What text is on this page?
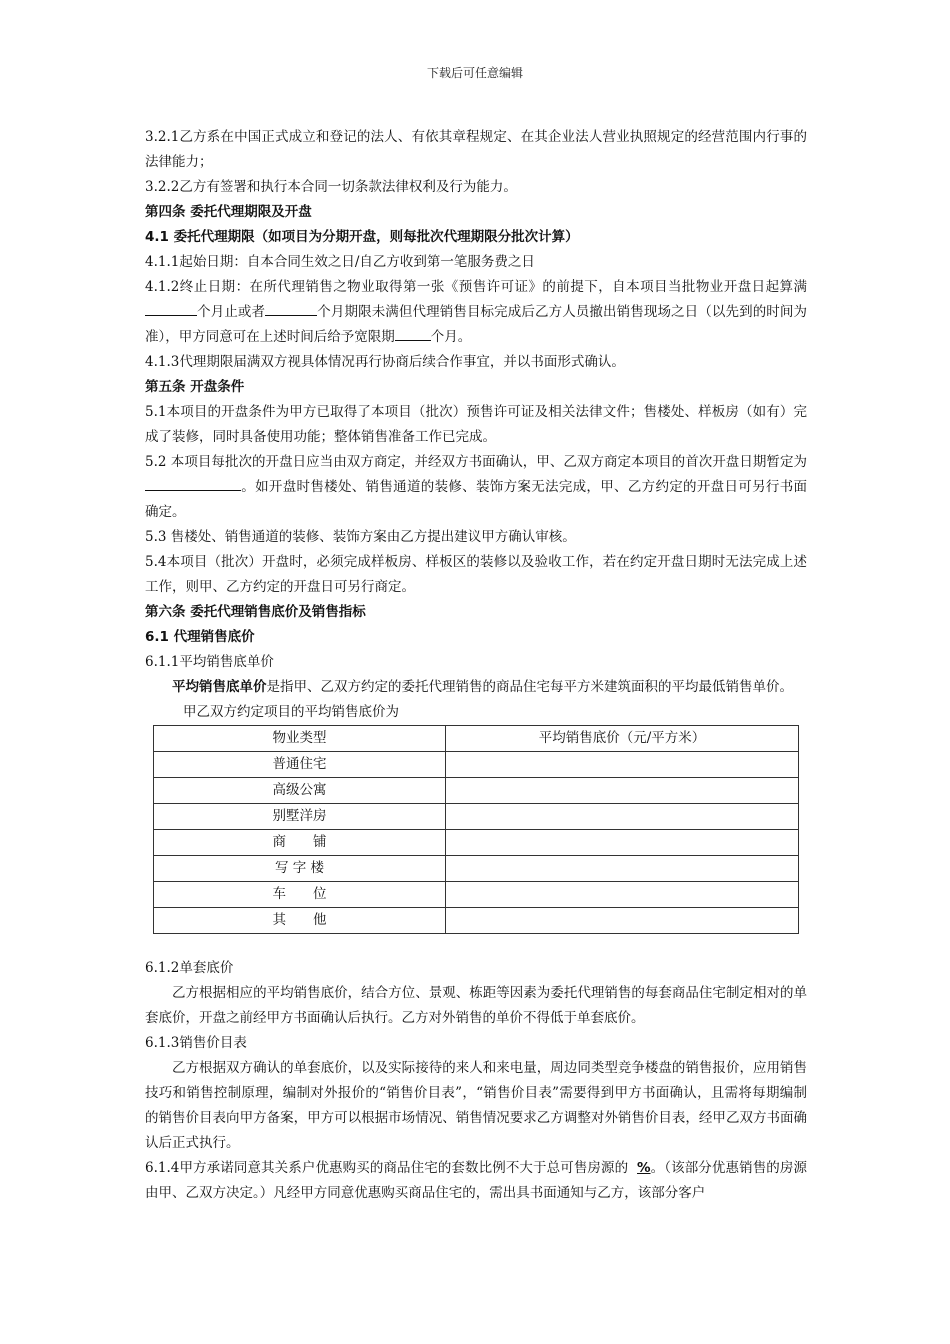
下载后可任意编辑

3.2.1乙方系在中国正式成立和登记的法人、有依其章程规定、在其企业法人营业执照规定的经营范围内行事的法律能力；

3.2.2乙方有签署和执行本合同一切条款法律权利及行为能力。

第四条 委托代理期限及开盘

4.1 委托代理期限（如项目为分期开盘，则每批次代理期限分批次计算）

4.1.1起始日期：自本合同生效之日/自乙方收到第一笔服务费之日

4.1.2终止日期：在所代理销售之物业取得第一张《预售许可证》的前提下，自本项目当批物业开盘日起算满个月止或者	个月期限未满但代理销售目标完成后乙方人员撤出销售现场之日（以先到的时间为准），甲方同意可在上述时间后给予宽限期	个月。

4.1.3代理期限届满双方视具体情况再行协商后续合作事宜，并以书面形式确认。

第五条 开盘条件

5.1本项目的开盘条件为甲方已取得了本项目（批次）预售许可证及相关法律文件；售楼处、样板房（如有）完成了装修，同时具备使用功能；整体销售准备工作已完成。

5.2 本项目每批次的开盘日应当由双方商定，并经双方书面确认，甲、乙双方商定本项目的首次开盘日期暂定为。如开盘时售楼处、销售通道的装修、装饰方案无法完成，甲、乙方约定的开盘日可另行书面确定。

5.3 售楼处、销售通道的装修、装饰方案由乙方提出建议甲方确认审核。

5.4本项目（批次）开盘时，必须完成样板房、样板区的装修以及验收工作，若在约定开盘日期时无法完成上述工作，则甲、乙方约定的开盘日可另行商定。

第六条 委托代理销售底价及销售指标

6.1 代理销售底价

6.1.1平均销售底单价

平均销售底单价是指甲、乙双方约定的委托代理销售的商品住宅每平方米建筑面积的平均最低销售单价。

甲乙双方约定项目的平均销售底价为

物业类型	平均销售底价（元/平方米）
普通住宅	
高级公寓	
别墅洋房	
商　　铺	
写 字 楼	
车　　位	
其　　他	

6.1.2单套底价

乙方根据相应的平均销售底价，结合方位、景观、栋距等因素为委托代理销售的每套商品住宅制定相对的单套底价，开盘之前经甲方书面确认后执行。乙方对外销售的单价不得低于单套底价。

6.1.3销售价目表

乙方根据双方确认的单套底价，以及实际接待的来人和来电量，周边同类型竞争楼盘的销售报价，应用销售技巧和销售控制原理，编制对外报价的“销售价目表”，“销售价目表”需要得到甲方书面确认，且需将每期编制的销售价目表向甲方备案，甲方可以根据市场情况、销售情况要求乙方调整对外销售价目表，经甲乙双方书面确认后正式执行。

6.1.4甲方承诺同意其关系户优惠购买的商品住宅的套数比例不大于总可售房源的 %。（该部分优惠销售的房源由甲、乙双方决定。）凡经甲方同意优惠购买商品住宅的，需出具书面通知与乙方，该部分客户
